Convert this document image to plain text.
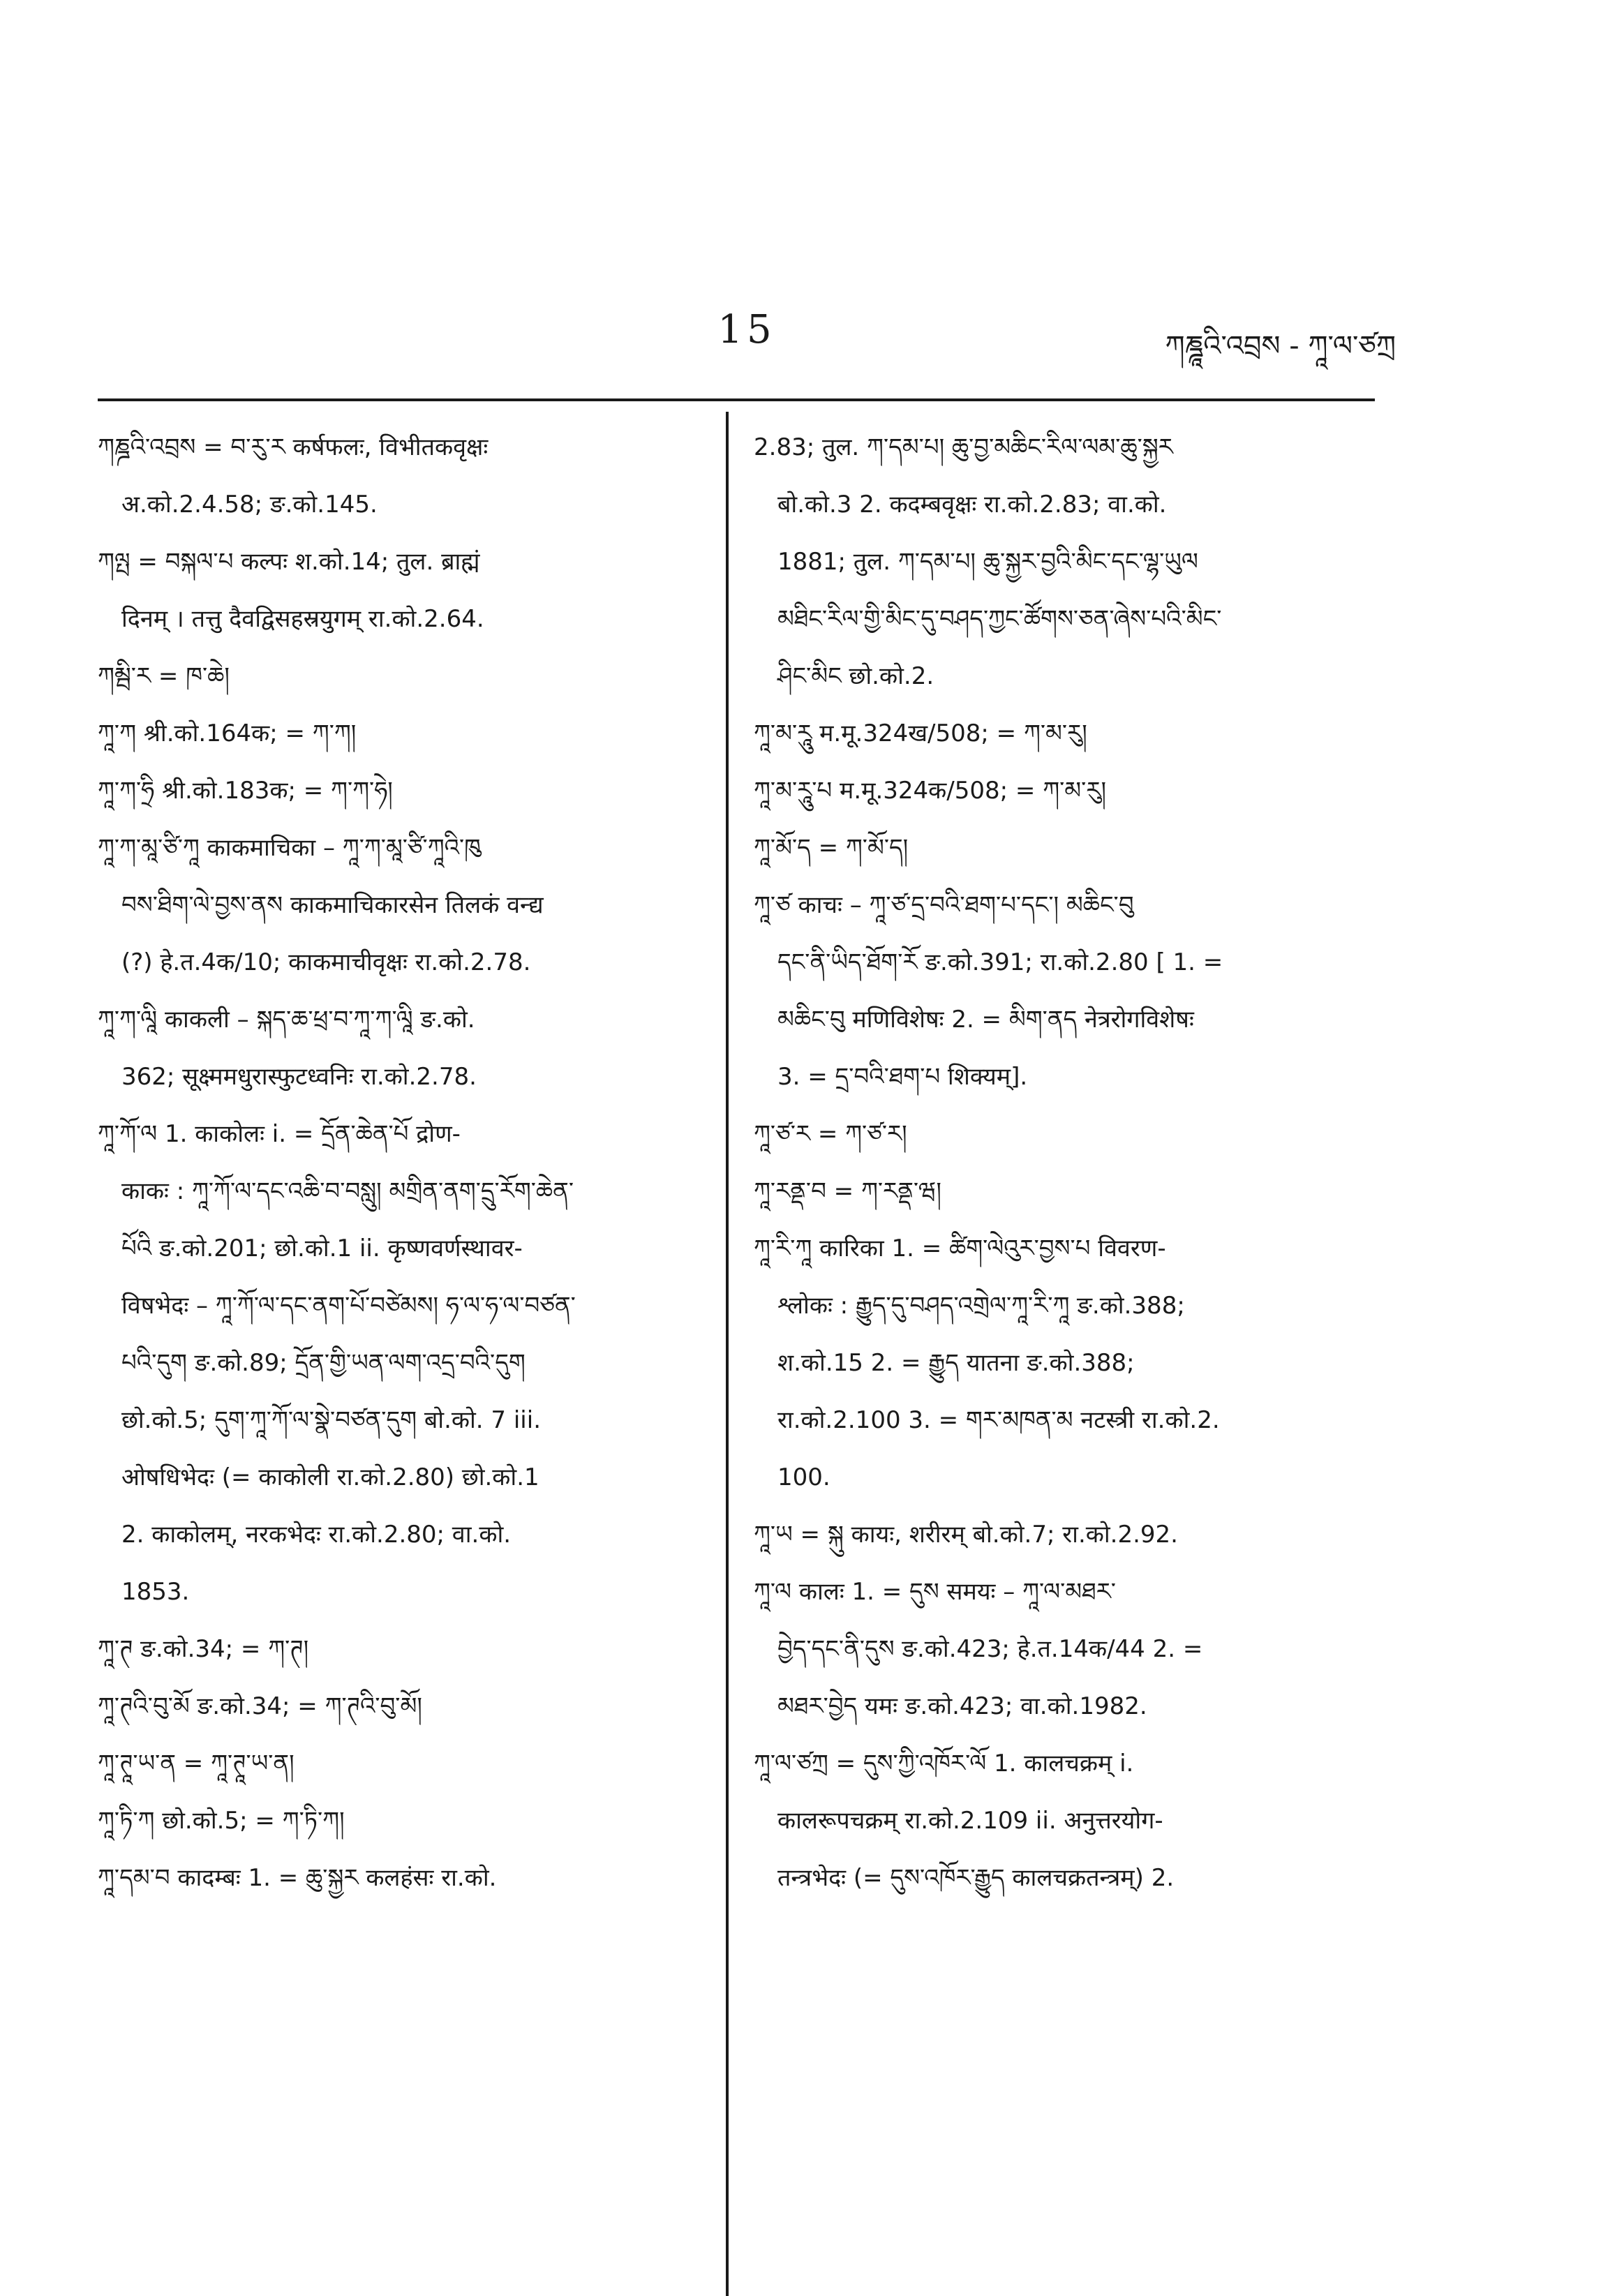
15	ཀཎྜཱའི་འབྲས - ཀཱ་ལ་ཙཀྲ
ཀཎྜའི་འབྲས = བ་རུ་ར कर्षफलः, विभीतकवृक्षः
अ.को.2.4.58; ङ.को.145.
ཀལྤ = བསྐལ་པ कल्पः श.को.14; तुल. ब्राह्मं
दिनम् । तत्तु दैवद्विसहस्रयुगम् रा.को.2.64.
ཀམྦི་ར = ཁ་ཆེ།
ཀཱ་ཀ श्री.को.164क; = ཀ་ཀ།
ཀཱ་ཀ་ཧྲི श्री.को.183क; = ཀ་ཀ་ཧེ།
ཀཱ་ཀ་མཱ་ཙི་ཀཱ काकमाचिका – ཀཱ་ཀ་མཱ་ཙི་ཀཱའི་ཁུ
བས་ཐིག་ལེ་བྱས་ནས काकमाचिकारसेन तिलकं वन्द्य
(?) हे.त.4क/10; काकमाचीवृक्षः रा.को.2.78.
ཀཱ་ཀ་ལཱི काकली – སྐད་ཆ་ཕྲ་བ་ཀཱ་ཀ་ལཱི ङ.को.
362; सूक्ष्ममधुरास्फुटध्वनिः रा.को.2.78.
ཀཱ་ཀོ་ལ 1. काकोलः i. = དྲོན་ཆེན་པོ द्रोण-
काकः : ཀཱ་ཀོ་ལ་དང་འཆི་བ་བསླུ། མགྲིན་ནག་དྲུ་རོག་ཆེན་
པོའི ङ.को.201; छो.को.1 ii. कृष्णवर्णस्थावर-
विषभेदः – ཀཱ་ཀོ་ལ་དང་ནག་པོ་བཙེམས། ཧ་ལ་ཧ་ལ་བཙན་
པའི་དུག ङ.को.89; དྲོན་གྱི་ཡན་ལག་འདྲ་བའི་དུག
छो.को.5; དུག་ཀཱ་ཀོ་ལ་སྣེ་བཙན་དུག बो.को. 7 iii.
ओषधिभेदः (= काकोली रा.को.2.80) छो.को.1
2. काकोलम्, नरकभेदः रा.को.2.80; वा.को.
1853.
ཀཱ་ཊ ङ.को.34; = ཀ་ཊ།
ཀཱ་ཊའི་བུ་མོ ङ.को.34; = ཀ་ཊའི་བུ་མོ།
ཀཱ་ཊཱ་ཡ་ན = ཀཱ་ཊཱ་ཡ་ན།
ཀཱ་ཏི་ཀ छो.को.5; = ཀ་ཏི་ཀ།
ཀཱ་དམ་བ कादम्बः 1. = ཆུ་སྐྱར कलहंसः रा.को.
2.83; तुल. ཀ་དམ་པ། ཆུ་བྱ་མཆིང་རིལ་ལམ་ཆུ་སྐྱར
बो.को.3 2. कदम्बवृक्षः रा.को.2.83; वा.को.
1881; तुल. ཀ་དམ་པ། ཆུ་སྐྱར་བྱའི་མིང་དང་ལྷ་ཡུལ
མཐིང་རིལ་གྱི་མིང་དུ་བཤད་ཀྱང་ཚོགས་ཅན་ཞེས་པའི་མིང་
ཤིང་མིང छो.को.2.
ཀཱ་མ་རཱུ म.मू.324ख/508; = ཀ་མ་རུ།
ཀཱ་མ་རཱུ་པ म.मू.324क/508; = ཀ་མ་རུ།
ཀཱ་མོ་ད = ཀ་མོ་ད།
ཀཱ་ཙ काचः – ཀཱ་ཙ་དྲ་བའི་ཐག་པ་དང་། མཆིང་བུ
དང་ནི་ཡིད་ཐོག་རོ ङ.को.391; रा.को.2.80 [ 1. =
མཆིང་བུ मणिविशेषः 2. = མིག་ནད नेत्ररोगविशेषः
3. = དྲ་བའི་ཐག་པ शिक्यम्].
ཀཱ་ཙ་ར = ཀ་ཙ་ར།
ཀཱ་རནྡ་བ = ཀ་རནྡ་ཝ།
ཀཱ་རི་ཀཱ कारिका 1. = ཚིག་ལེའུར་བྱས་པ विवरण-
श्लोकः : རྒྱུད་དུ་བཤད་འགྲེལ་ཀཱ་རི་ཀཱ ङ.को.388;
श.को.15 2. = རྒྱུད यातना ङ.को.388;
रा.को.2.100 3. = གར་མཁན་མ नटस्त्री रा.को.2.
100.
ཀཱ་ཡ = སྐུ कायः, शरीरम् बो.को.7; रा.को.2.92.
ཀཱ་ལ कालः 1. = དུས समयः – ཀཱ་ལ་མཐར་
བྱེད་དང་ནི་དུས ङ.को.423; हे.त.14क/44 2. =
མཐར་བྱེད यमः ङ.को.423; वा.को.1982.
ཀཱ་ལ་ཙཀྲ = དུས་ཀྱི་འཁོར་ལོ 1. कालचक्रम् i.
कालरूपचक्रम् रा.को.2.109 ii. अनुत्तरयोग-
तन्त्रभेदः (= དུས་འཁོར་རྒྱུད कालचक्रतन्त्रम्) 2.
